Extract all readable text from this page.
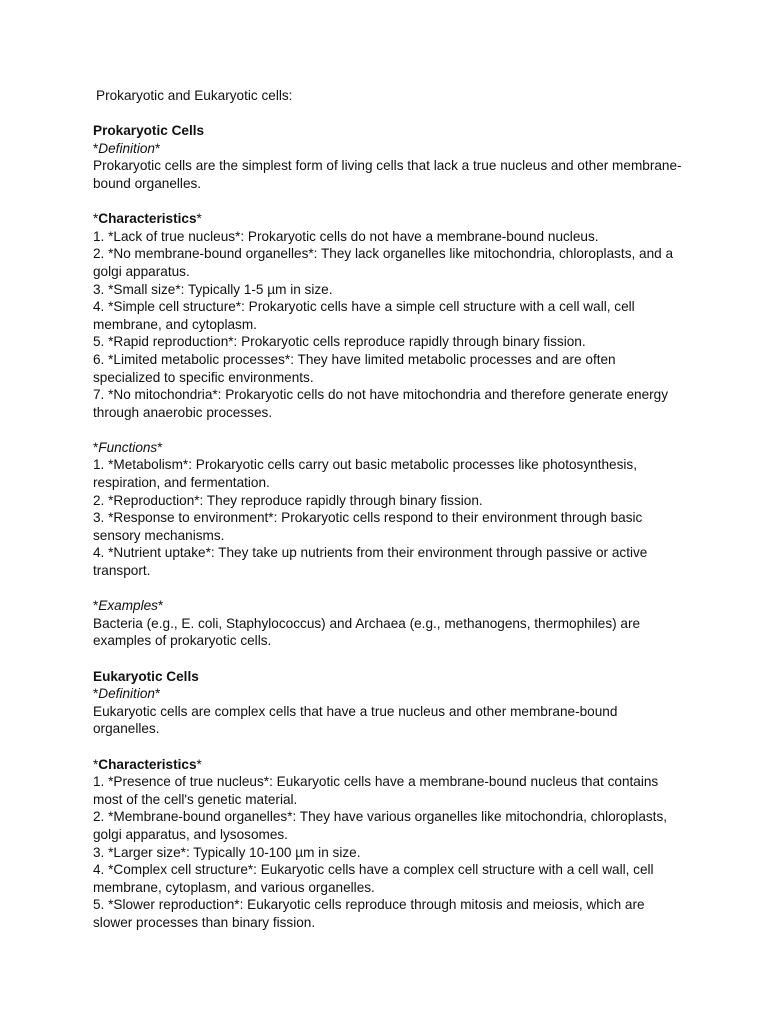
Prokaryotic and Eukaryotic cells:

Prokaryotic Cells

*Definition*

Prokaryotic cells are the simplest form of living cells that lack a true nucleus and other membrane-bound organelles.

*Characteristics*

1. *Lack of true nucleus*: Prokaryotic cells do not have a membrane-bound nucleus.
2. *No membrane-bound organelles*: They lack organelles like mitochondria, chloroplasts, and a golgi apparatus.
3. *Small size*: Typically 1-5 µm in size.
4. *Simple cell structure*: Prokaryotic cells have a simple cell structure with a cell wall, cell membrane, and cytoplasm.
5. *Rapid reproduction*: Prokaryotic cells reproduce rapidly through binary fission.
6. *Limited metabolic processes*: They have limited metabolic processes and are often specialized to specific environments.
7. *No mitochondria*: Prokaryotic cells do not have mitochondria and therefore generate energy through anaerobic processes.

*Functions*

1. *Metabolism*: Prokaryotic cells carry out basic metabolic processes like photosynthesis, respiration, and fermentation.
2. *Reproduction*: They reproduce rapidly through binary fission.
3. *Response to environment*: Prokaryotic cells respond to their environment through basic sensory mechanisms.
4. *Nutrient uptake*: They take up nutrients from their environment through passive or active transport.

*Examples*

Bacteria (e.g., E. coli, Staphylococcus) and Archaea (e.g., methanogens, thermophiles) are examples of prokaryotic cells.

Eukaryotic Cells

*Definition*

Eukaryotic cells are complex cells that have a true nucleus and other membrane-bound organelles.

*Characteristics*

1. *Presence of true nucleus*: Eukaryotic cells have a membrane-bound nucleus that contains most of the cell's genetic material.
2. *Membrane-bound organelles*: They have various organelles like mitochondria, chloroplasts, golgi apparatus, and lysosomes.
3. *Larger size*: Typically 10-100 µm in size.
4. *Complex cell structure*: Eukaryotic cells have a complex cell structure with a cell wall, cell membrane, cytoplasm, and various organelles.
5. *Slower reproduction*: Eukaryotic cells reproduce through mitosis and meiosis, which are slower processes than binary fission.
